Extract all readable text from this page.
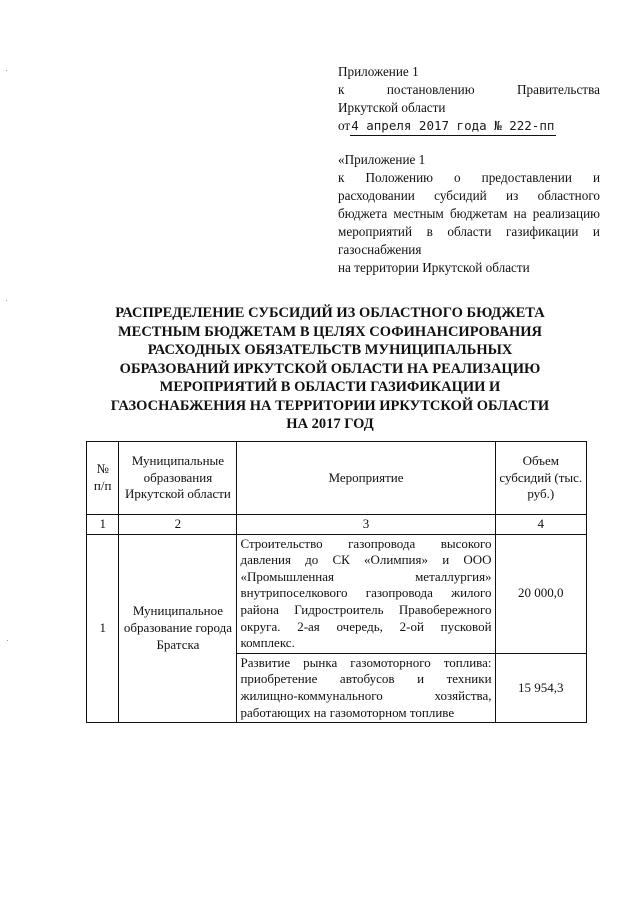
Приложение 1
к	постановлению	Правительства
Иркутской области
от4 апреля 2017 года № 222-пп
«Приложение 1
к Положению о предоставлении и расходовании субсидий из областного бюджета местным бюджетам на реализацию мероприятий в области газификации и газоснабжения
на территории Иркутской области
РАСПРЕДЕЛЕНИЕ СУБСИДИЙ ИЗ ОБЛАСТНОГО БЮДЖЕТА МЕСТНЫМ БЮДЖЕТАМ В ЦЕЛЯХ СОФИНАНСИРОВАНИЯ РАСХОДНЫХ ОБЯЗАТЕЛЬСТВ МУНИЦИПАЛЬНЫХ ОБРАЗОВАНИЙ ИРКУТСКОЙ ОБЛАСТИ НА РЕАЛИЗАЦИЮ МЕРОПРИЯТИЙ В ОБЛАСТИ ГАЗИФИКАЦИИ И ГАЗОСНАБЖЕНИЯ НА ТЕРРИТОРИИ ИРКУТСКОЙ ОБЛАСТИ НА 2017 ГОД
№ п/п	Муниципальные образования Иркутской области	Мероприятие	Объем субсидий (тыс. руб.)
1	2	3	4
1	Муниципальное образование города Братска	Строительство газопровода высокого давления до СК «Олимпия» и ООО «Промышленная металлургия» внутрипоселкового газопровода жилого района Гидростроитель Правобережного округа. 2-ая очередь, 2-ой пусковой комплекс.	20 000,0
		Развитие рынка газомоторного топлива: приобретение автобусов и техники жилищно-коммунального хозяйства, работающих на газомоторном топливе	15 954,3
